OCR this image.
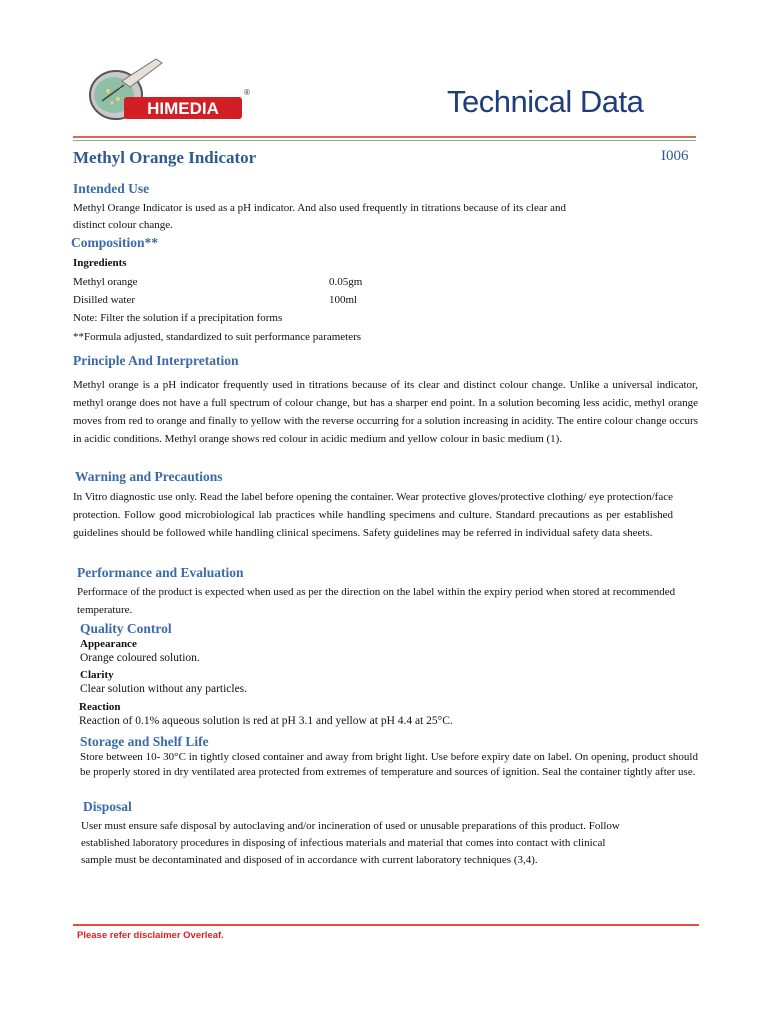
HIMEDIA
®	Technical Data
Methyl Orange Indicator	I006
Intended Use
Methyl Orange Indicator is used as a pH indicator. And also used frequently in titrations because of its clear and
distinct colour change.
Composition**
Ingredients
Methyl orange	0.05gm
Disilled water	100ml
Note: Filter the solution if a precipitation forms
**Formula adjusted, standardized to suit performance parameters
Principle And Interpretation
Methyl orange is a pH indicator frequently used in titrations because of its clear and distinct colour change. Unlike a universal indicator, methyl orange does not have a full spectrum of colour change, but has a sharper end point. In a solution becoming less acidic, methyl orange moves from red to orange and finally to yellow with the reverse occurring for a solution increasing in acidity. The entire colour change occurs in acidic conditions. Methyl orange shows red colour in acidic medium and yellow colour in basic medium (1).
Warning and Precautions
In Vitro diagnostic use only. Read the label before opening the container. Wear protective gloves/protective clothing/ eye protection/face protection. Follow good microbiological lab practices while handling specimens and culture. Standard precautions as per established guidelines should be followed while handling clinical specimens. Safety guidelines may be referred in individual safety data sheets.
Performance and Evaluation
Performace of the product is expected when used as per the direction on the label within the expiry period when stored at recommended temperature.
Quality Control
Appearance
Orange coloured solution.
Clarity
Clear solution without any particles.
Reaction
Reaction of 0.1% aqueous solution is red at pH 3.1 and yellow at pH 4.4 at 25°C.
Storage and Shelf Life
Store between 10- 30°C in tightly closed container and away from bright light. Use before expiry date on label. On opening, product should be properly stored in dry ventilated area protected from extremes of temperature and sources of ignition. Seal the container tightly after use.
Disposal
User must ensure safe disposal by autoclaving and/or incineration of used or unusable preparations of this product. Follow
established laboratory procedures in disposing of infectious materials and material that comes into contact with clinical
sample must be decontaminated and disposed of in accordance with current laboratory techniques (3,4).
Please refer disclaimer Overleaf.
